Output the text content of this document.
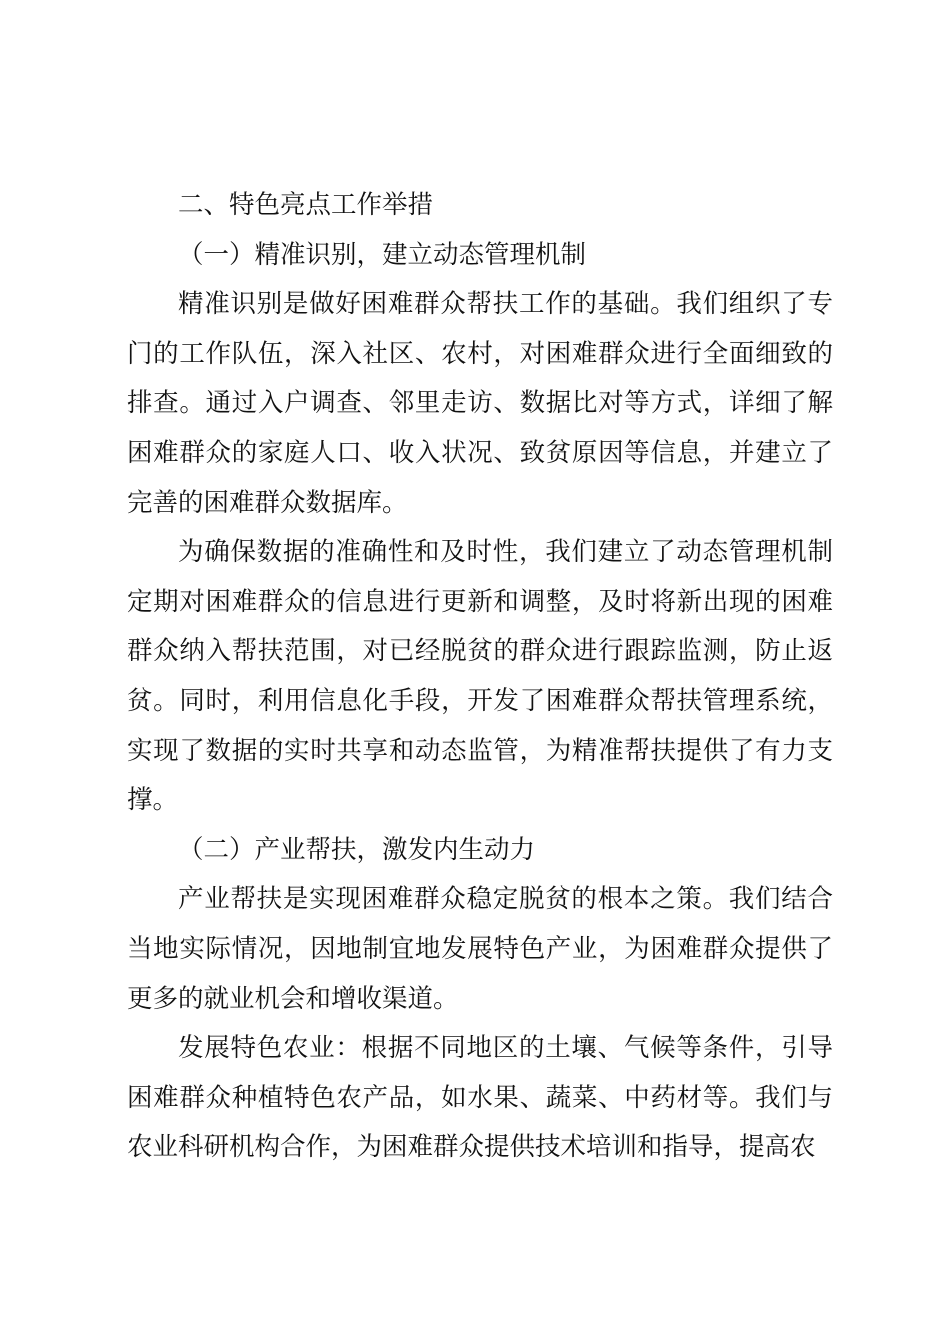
二、特色亮点工作举措

（一）精准识别，建立动态管理机制

精准识别是做好困难群众帮扶工作的基础。我们组织了专门的工作队伍，深入社区、农村，对困难群众进行全面细致的排查。通过入户调查、邻里走访、数据比对等方式，详细了解困难群众的家庭人口、收入状况、致贫原因等信息，并建立了完善的困难群众数据库。

为确保数据的准确性和及时性，我们建立了动态管理机制定期对困难群众的信息进行更新和调整，及时将新出现的困难群众纳入帮扶范围，对已经脱贫的群众进行跟踪监测，防止返贫。同时，利用信息化手段，开发了困难群众帮扶管理系统，实现了数据的实时共享和动态监管，为精准帮扶提供了有力支撑。

（二）产业帮扶，激发内生动力

产业帮扶是实现困难群众稳定脱贫的根本之策。我们结合当地实际情况，因地制宜地发展特色产业，为困难群众提供了更多的就业机会和增收渠道。

发展特色农业：根据不同地区的土壤、气候等条件，引导困难群众种植特色农产品，如水果、蔬菜、中药材等。我们与农业科研机构合作，为困难群众提供技术培训和指导，提高农
